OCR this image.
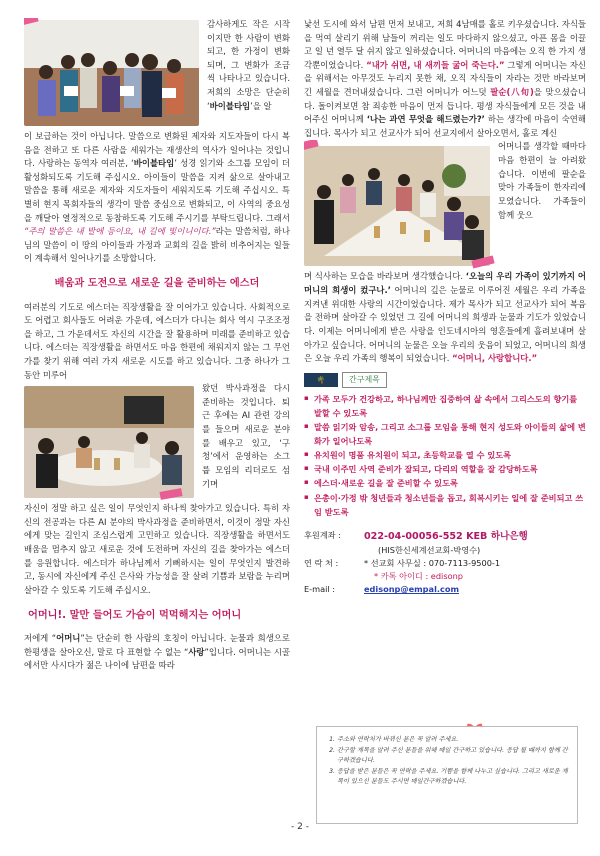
감사하게도 작은 시작이지만 한 사람이 변화되고, 한 가정이 변화되며, 그 변화가 조금씩 나타나고 있습니다. 저희의 소망은 단순히 ‘바이블타임’을 알

이 보급하는 것이 아닙니다. 말씀으로 변화된 제자와 지도자들이 다시 복음을 전하고 또 다른 사람을 세워가는 재생산의 역사가 일어나는 것입니다. 사랑하는 동역자 여러분, ‘바이블타임’ 성경 읽기와 소그룹 모임이 더 활성화되도록 기도해 주십시오. 아이들이 말씀을 지켜 삶으로 살아내고 말씀을 통해 새로운 제자와 지도자들이 세워지도록 기도해 주십시오. 특별히 현지 목회자들의 생각이 말씀 중심으로 변화되고, 이 사역의 중요성을 깨달아 열정적으로 동참하도록 기도해 주시기를 부탁드립니다. 그래서 “주의 말씀은 내 발에 등이요, 내 길에 빛이니이다.”라는 말씀처럼, 하나님의 말씀이 이 땅의 아이들과 가정과 교회의 길을 밝히 비추어지는 일들이 계속해서 일어나기를 소망합니다.

배움과 도전으로 새로운 길을 준비하는 에스더

여러분의 기도로 에스더는 직장생활을 잘 이어가고 있습니다. 사회적으로도 어렵고 회사들도 어려운 가운데, 에스더가 다니는 회사 역시 구조조정을 하고, 그 가운데서도 자신의 시간을 잘 활용하며 미래를 준비하고 있습니다. 에스더는 직장생활을 하면서도 마음 한편에 채워지지 않는 그 무언가를 찾기 위해 여러 가지 새로운 시도를 하고 있습니다. 그중 하나가 그동안 미루어

왔던 박사과정을 다시 준비하는 것입니다. 퇴근 후에는 AI 관련 강의를 들으며 새로운 분야를 배우고 있고, ‘구청’에서 운영하는 소그룹 모임의 리더로도 섬기며

자신이 정말 하고 싶은 일이 무엇인지 하나씩 찾아가고 있습니다. 특히 자신의 전공과는 다른 AI 분야의 박사과정을 준비하면서, 이것이 정말 자신에게 맞는 길인지 조심스럽게 고민하고 있습니다. 직장생활을 하면서도 배움을 멈추지 않고 새로운 것에 도전하며 자신의 길을 찾아가는 에스더를 응원합니다. 에스더가 하나님께서 기뻐하시는 일이 무엇인지 발견하고, 동시에 자신에게 주신 은사와 가능성을 잘 살려 기쁨과 보람을 누리며 살아갈 수 있도록 기도해 주십시오.

어머니!. 말만 들어도 가슴이 먹먹해지는 어머니

저에게 “어머니”는 단순히 한 사람의 호칭이 아닙니다. 눈물과 희생으로 한평생을 살아오신, 말로 다 표현할 수 없는 “사랑”입니다. 어머니는 시골에서만 사시다가 젊은 나이에 남편을 따라

낯선 도시에 와서 남편 먼저 보내고, 저희 4남매를 홀로 키우셨습니다. 자식들을 먹여 살리기 위해 남들이 꺼리는 일도 마다하지 않으셨고, 아픈 몸을 이끌고 일 년 열두 달 쉬지 않고 일하셨습니다. 어머니의 마음에는 오직 한 가지 생각뿐이었습니다. “내가 쉬면, 내 새끼들 굶어 죽는다.” 그렇게 어머니는 자신을 위해서는 아무것도 누리지 못한 채, 오직 자식들이 자라는 것만 바라보며 긴 세월을 견뎌내셨습니다. 그런 어머니가 어느덧 팔순(八旬)을 맞으셨습니다. 돌이켜보면 참 죄송한 마음이 먼저 듭니다. 평생 자식들에게 모든 것을 내어주신 어머니께 ‘나는 과연 무엇을 해드렸는가?’ 하는 생각에 마음이 숙연해집니다. 목사가 되고 선교사가 되어 선교지에서 살아오면서, 홀로 계신

어머니를 생각할 때마다 마음 한편이 늘 아려왔습니다. 이번에 팔순을 맞아 가족들이 한자리에 모였습니다. 가족들이 함께 웃으

며 식사하는 모습을 바라보며 생각했습니다. ‘오늘의 우리 가족이 있기까지 어머니의 희생이 컸구나.’ 어머니의 깊은 눈물로 이루어진 세월은 우리 가족을 지켜낸 위대한 사랑의 시간이었습니다. 제가 목사가 되고 선교사가 되어 복음을 전하며 살아갈 수 있었던 그 길에 어머니의 희생과 눈물과 기도가 있었습니다. 이제는 어머니에게 받은 사랑을 인도네시아의 영혼들에게 흘려보내며 살아가고 싶습니다. 어머니의 눈물은 오늘 우리의 웃음이 되었고, 어머니의 희생은 오늘 우리 가족의 행복이 되었습니다. “어머니, 사랑합니다.”

🌴	간구제목
▪ 가족 모두가 건강하고, 하나님께만 집중하여 삶 속에서 그리스도의 향기를 발할 수 있도록
▪ 말씀 읽기와 암송, 그리고 소그룹 모임을 통해 현지 성도와 아이들의 삶에 변화가 일어나도록
▪ 유치원이 명품 유치원이 되고, 초등학교를 열 수 있도록
▪ 국내 이주민 사역 준비가 잘되고, 다리의 역할을 잘 감당하도록
▪ 에스더·새로운 길을 잘 준비할 수 있도록
▪ 은총이·가정 밖 청년들과 청소년들을 돕고, 회복시키는 일에 잘 준비되고 쓰임 받도록
후원계좌 :	022-04-00056-552 KEB 하나은행
(HIS한신세계선교회-박영수)
연 락 처 :	* 선교회 사무실 : 070-7113-9500-1
* 카톡 아이디 : edisonp
E-mail :	edisonp@empal.com
1. 주소와 연락처가 바뀌신 분은 꼭 알려 주세요.
2. 간구할 제목을 알려 주신 분들을 위해 매일 간구하고 있습니다. 응답 될 때까지 함께 간구하겠습니다.
3. 응답을 받은 분들은 꼭 연락을 주세요. 기쁨을 함께 나누고 싶습니다. 그리고 새로운 제목이 있으신 분들도 주시면 매일간구하겠습니다.
- 2 -
